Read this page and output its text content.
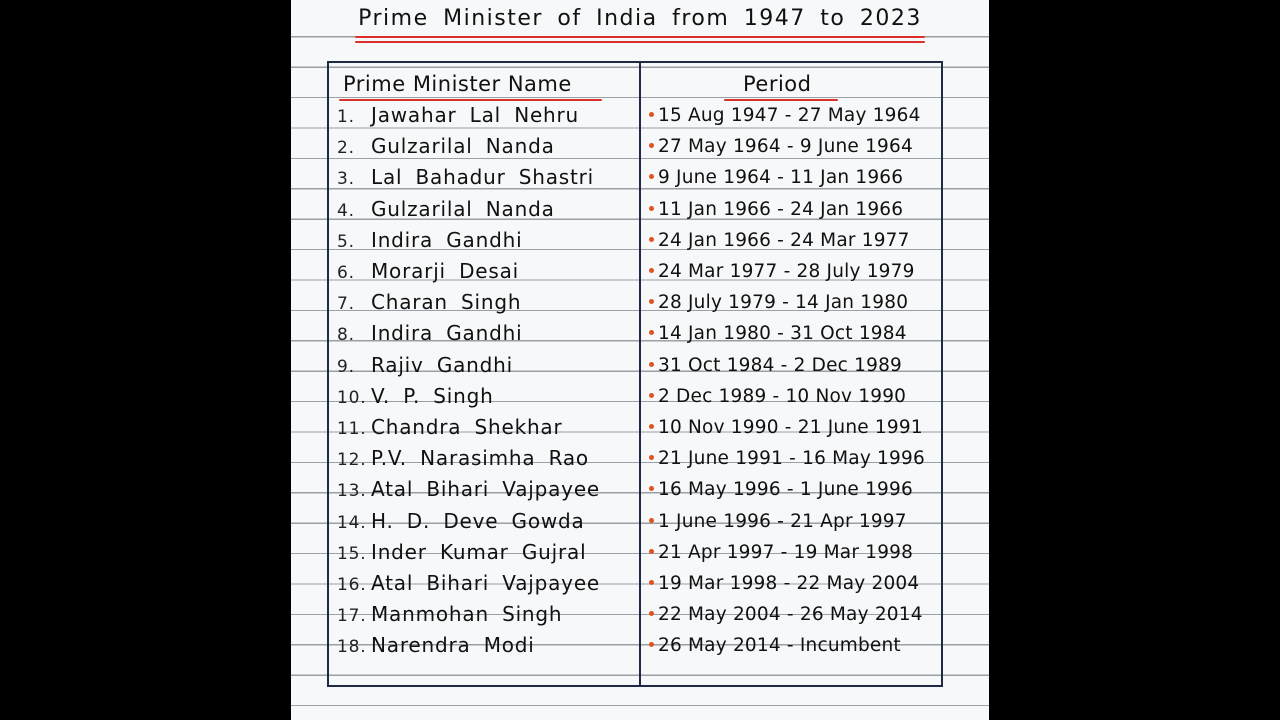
Prime Minister of India from 1947 to 2023
Prime Minister Name	Period
1. Jawahar Lal Nehru	15 Aug 1947 - 27 May 1964
2. Gulzarilal Nanda	27 May 1964 - 9 June 1964
3. Lal Bahadur Shastri	9 June 1964 - 11 Jan 1966
4. Gulzarilal Nanda	11 Jan 1966 - 24 Jan 1966
5. Indira Gandhi	24 Jan 1966 - 24 Mar 1977
6. Morarji Desai	24 Mar 1977 - 28 July 1979
7. Charan Singh	28 July 1979 - 14 Jan 1980
8. Indira Gandhi	14 Jan 1980 - 31 Oct 1984
9. Rajiv Gandhi	31 Oct 1984 - 2 Dec 1989
10. V. P. Singh	2 Dec 1989 - 10 Nov 1990
11. Chandra Shekhar	10 Nov 1990 - 21 June 1991
12. P.V. Narasimha Rao	21 June 1991 - 16 May 1996
13. Atal Bihari Vajpayee	16 May 1996 - 1 June 1996
14. H. D. Deve Gowda	1 June 1996 - 21 Apr 1997
15. Inder Kumar Gujral	21 Apr 1997 - 19 Mar 1998
16. Atal Bihari Vajpayee	19 Mar 1998 - 22 May 2004
17. Manmohan Singh	22 May 2004 - 26 May 2014
18. Narendra Modi	26 May 2014 - Incumbent
